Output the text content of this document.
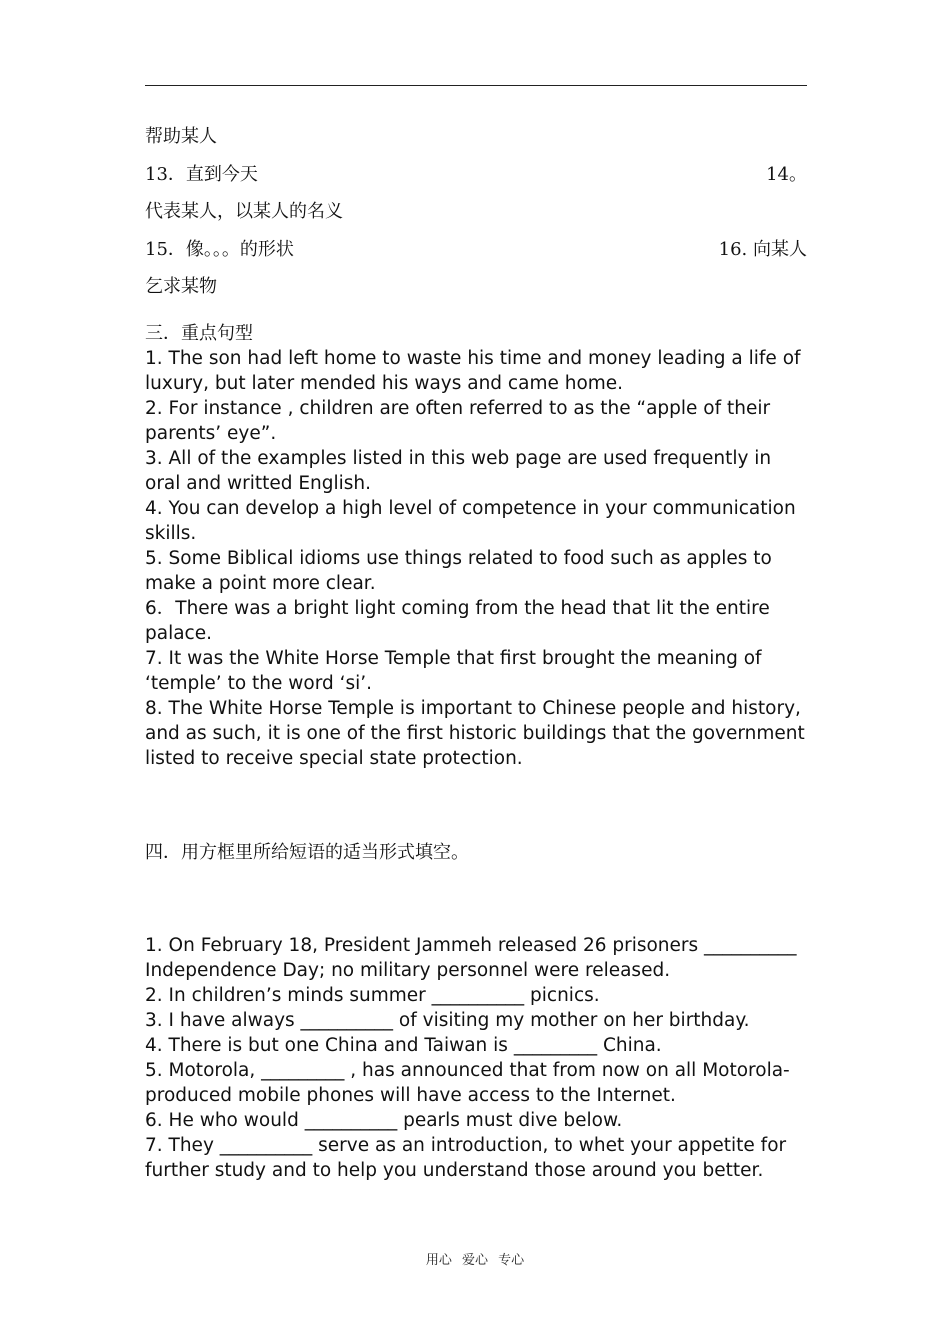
帮助某人
13．直到今天	14。
代表某人，以某人的名义
15．像。。。的形状	16. 向某人
乞求某物
三．重点句型

1. The son had left home to waste his time and money leading a life of luxury, but later mended his ways and came home.

2. For instance , children are often referred to as the “apple of their parents’ eye”.

3. All of the examples listed in this web page are used frequently in oral and writted English.

4. You can develop a high level of competence in your communication skills.

5. Some Biblical idioms use things related to food such as apples to make a point more clear.

6．There was a bright light coming from the head that lit the entire palace.

7. It was the White Horse Temple that first brought the meaning of ‘temple’ to the word ‘si’.

8. The White Horse Temple is important to Chinese people and history, and as such, it is one of the first historic buildings that the government listed to receive special state protection.

四．用方框里所给短语的适当形式填空。

1. On February 18, President Jammeh released 26 prisoners __________ Independence Day; no military personnel were released.

2. In children’s minds summer __________ picnics.

3. I have always __________ of visiting my mother on her birthday.

4. There is but one China and Taiwan is _________ China.

5. Motorola, _________ , has announced that from now on all Motorola-produced mobile phones will have access to the Internet.

6. He who would __________ pearls must dive below.

7. They __________ serve as an introduction, to whet your appetite for further study and to help you understand those around you better.

用心 爱心 专心
